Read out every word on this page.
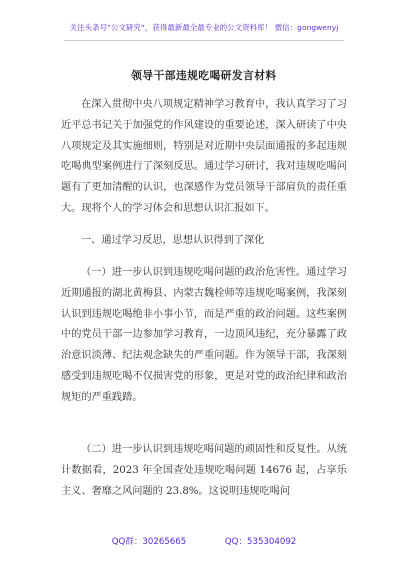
关注头条号“公文研究”，获得最新最全最专业的公文资料库！ 微信：gongwenyj
领导干部违规吃喝研发言材料
在深入贯彻中央八项规定精神学习教育中，我认真学习了习近平总书记关于加强党的作风建设的重要论述，深入研读了中央八项规定及其实施细则，特别是对近期中央层面通报的多起违规吃喝典型案例进行了深刻反思。通过学习研讨，我对违规吃喝问题有了更加清醒的认识，也深感作为党员领导干部肩负的责任重大。现将个人的学习体会和思想认识汇报如下。
一、通过学习反思，思想认识得到了深化
（一）进一步认识到违规吃喝问题的政治危害性。通过学习近期通报的湖北黄梅县、内蒙古魏栓师等违规吃喝案例，我深刻认识到违规吃喝绝非小事小节，而是严重的政治问题。这些案例中的党员干部一边参加学习教育，一边顶风违纪，充分暴露了政治意识淡薄、纪法观念缺失的严重问题。作为领导干部，我深刻感受到违规吃喝不仅损害党的形象，更是对党的政治纪律和政治规矩的严重践踏。
（二）进一步认识到违规吃喝问题的顽固性和反复性。从统计数据看，2023 年全国查处违规吃喝问题 14676 起，占享乐主义、奢靡之风问题的 23.8%。这说明违规吃喝问
QQ群：30265665	QQ：535304092
